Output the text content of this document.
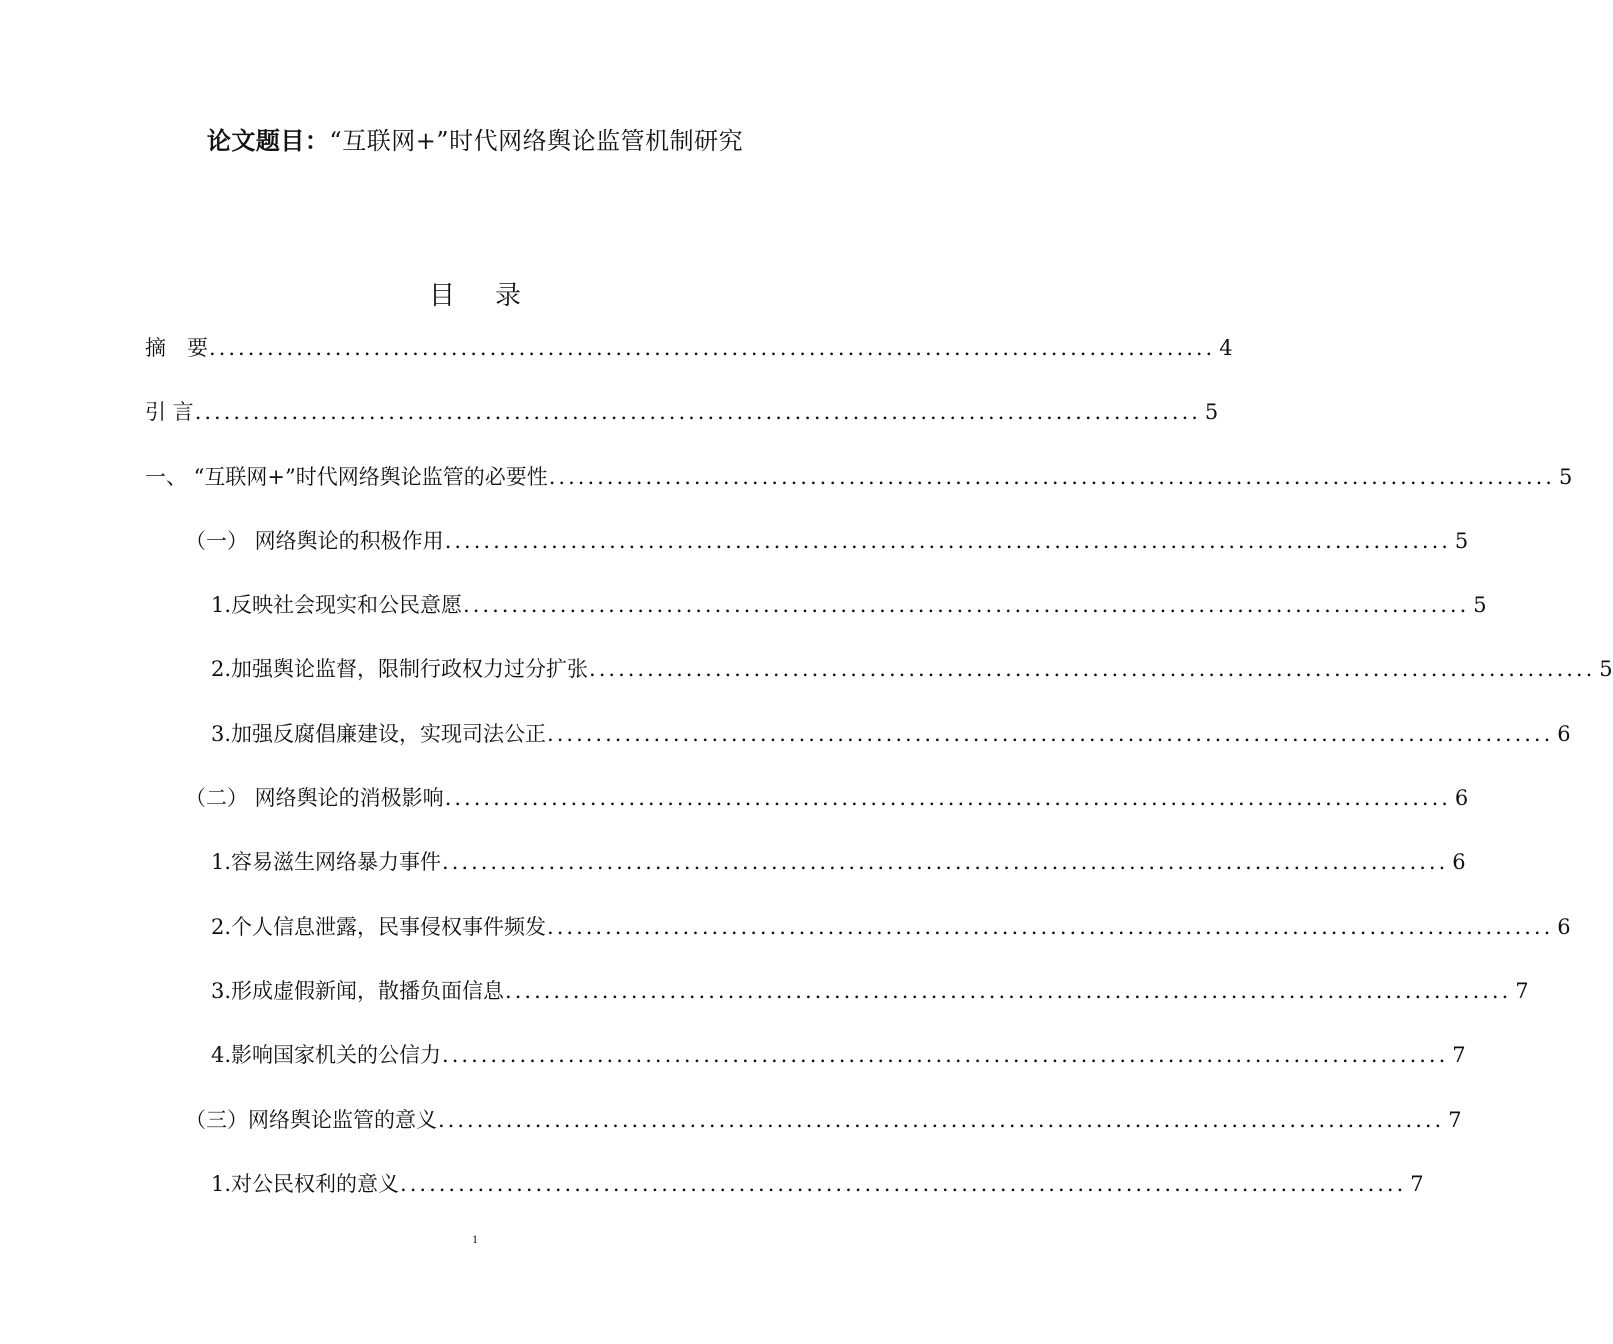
论文题目：“互联网+”时代网络舆论监管机制研究
目 录
摘　要 ........................................................................................................ 4
引 言 ........................................................................................................ 5
一、 “互联网+”时代网络舆论监管的必要性 ........................................................................................................ 5
（一） 网络舆论的积极作用 ........................................................................................................ 5
1.反映社会现实和公民意愿 ........................................................................................................ 5
2.加强舆论监督，限制行政权力过分扩张 ........................................................................................................ 5
3.加强反腐倡廉建设，实现司法公正 ........................................................................................................ 6
（二） 网络舆论的消极影响 ........................................................................................................ 6
1.容易滋生网络暴力事件 ........................................................................................................ 6
2.个人信息泄露，民事侵权事件频发 ........................................................................................................ 6
3.形成虚假新闻，散播负面信息 ........................................................................................................ 7
4.影响国家机关的公信力 ........................................................................................................ 7
（三）网络舆论监管的意义 ........................................................................................................ 7
1.对公民权利的意义 ........................................................................................................ 7
1
